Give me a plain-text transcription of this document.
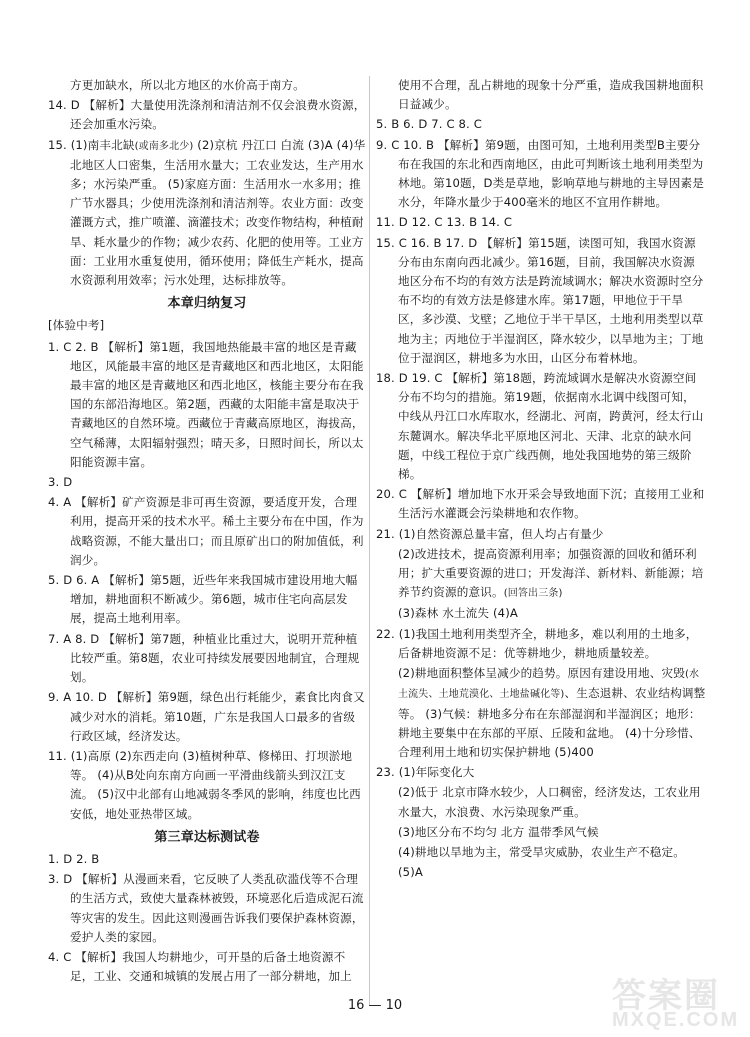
方更加缺水，所以北方地区的水价高于南方。
14. D 【解析】大量使用洗涤剂和清洁剂不仅会浪费水资源，还会加重水污染。
15. (1)南丰北缺(或南多北少) (2)京杭 丹江口 白流 (3)A (4)华北地区人口密集，生活用水量大；工农业发达，生产用水多；水污染严重。 (5)家庭方面：生活用水一水多用；推广节水器具；少使用洗涤剂和清洁剂等。农业方面：改变灌溉方式，推广喷灌、滴灌技术；改变作物结构，种植耐旱、耗水量少的作物；减少农药、化肥的使用等。工业方面：工业用水重复使用，循环使用；降低生产耗水，提高水资源利用效率；污水处理，达标排放等。
本章归纳复习
[体验中考]
1. C 2. B 【解析】第1题，我国地热能最丰富的地区是青藏地区，风能最丰富的地区是青藏地区和西北地区，太阳能最丰富的地区是青藏地区和西北地区，核能主要分布在我国的东部沿海地区。第2题，西藏的太阳能丰富是取决于青藏地区的自然环境。西藏位于青藏高原地区，海拔高，空气稀薄，太阳辐射强烈；晴天多，日照时间长，所以太阳能资源丰富。
3. D
4. A 【解析】矿产资源是非可再生资源，要适度开发，合理利用，提高开采的技术水平。稀土主要分布在中国，作为战略资源，不能大量出口；而且原矿出口的附加值低，利润少。
5. D 6. A 【解析】第5题，近些年来我国城市建设用地大幅增加，耕地面积不断减少。第6题，城市住宅向高层发展，提高土地利用率。
7. A 8. D 【解析】第7题，种植业比重过大，说明开荒种植比较严重。第8题，农业可持续发展要因地制宜，合理规划。
9. A 10. D 【解析】第9题，绿色出行耗能少，素食比肉食又减少对水的消耗。第10题，广东是我国人口最多的省级行政区域，经济发达。
11. (1)高原 (2)东西走向 (3)植树种草、修梯田、打坝淤地等。 (4)从B处向东南方向画一平滑曲线箭头到汉江支流。 (5)汉中北部有山地减弱冬季风的影响，纬度也比西安低，地处亚热带区域。
第三章达标测试卷
1. D 2. B
3. D 【解析】从漫画来看，它反映了人类乱砍滥伐等不合理的生活方式，致使大量森林被毁，环境恶化后造成泥石流等灾害的发生。因此这则漫画告诉我们要保护森林资源，爱护人类的家园。
4. C 【解析】我国人均耕地少，可开垦的后备土地资源不足，工业、交通和城镇的发展占用了一部分耕地，加上
使用不合理，乱占耕地的现象十分严重，造成我国耕地面积日益减少。
5. B 6. D 7. C 8. C
9. C 10. B 【解析】第9题，由图可知，土地利用类型B主要分布在我国的东北和西南地区，由此可判断该土地利用类型为林地。第10题，D类是草地，影响草地与耕地的主导因素是水分，年降水量少于400毫米的地区不宜用作耕地。
11. D 12. C 13. B 14. C
15. C 16. B 17. D 【解析】第15题，读图可知，我国水资源分布由东南向西北减少。第16题，目前，我国解决水资源地区分布不均的有效方法是跨流域调水；解决水资源时空分布不均的有效方法是修建水库。第17题，甲地位于干旱区，多沙漠、戈壁；乙地位于半干旱区，土地利用类型以草地为主；丙地位于半湿润区，降水较少，以旱地为主；丁地位于湿润区，耕地多为水田，山区分布着林地。
18. D 19. C 【解析】第18题，跨流域调水是解决水资源空间分布不均匀的措施。第19题，依据南水北调中线图可知，中线从丹江口水库取水，经湖北、河南，跨黄河，经太行山东麓调水。解决华北平原地区河北、天津、北京的缺水问题，中线工程位于京广线西侧，地处我国地势的第三级阶梯。
20. C 【解析】增加地下水开采会导致地面下沉；直接用工业和生活污水灌溉会污染耕地和农作物。
21. (1)自然资源总量丰富，但人均占有量少
(2)改进技术，提高资源利用率；加强资源的回收和循环利用；扩大重要资源的进口；开发海洋、新材料、新能源；培养节约资源的意识。(回答出三条)
(3)森林 水土流失 (4)A
22. (1)我国土地利用类型齐全，耕地多，难以利用的土地多，后备耕地资源不足：优等耕地少，耕地质量较差。
(2)耕地面积整体呈减少的趋势。原因有建设用地、灾毁(水土流失、土地荒漠化、土地盐碱化等)、生态退耕、农业结构调整等。 (3)气候：耕地多分布在东部湿润和半湿润区；地形：耕地主要集中在东部的平原、丘陵和盆地。 (4)十分珍惜、合理利用土地和切实保护耕地 (5)400
23. (1)年际变化大
(2)低于 北京市降水较少，人口稠密，经济发达，工农业用水量大，水浪费、水污染现象严重。
(3)地区分布不均匀 北方 温带季风气候
(4)耕地以旱地为主，常受旱灾威胁，农业生产不稳定。
(5)A
16 — 10	答案圈
MXQE.COM
